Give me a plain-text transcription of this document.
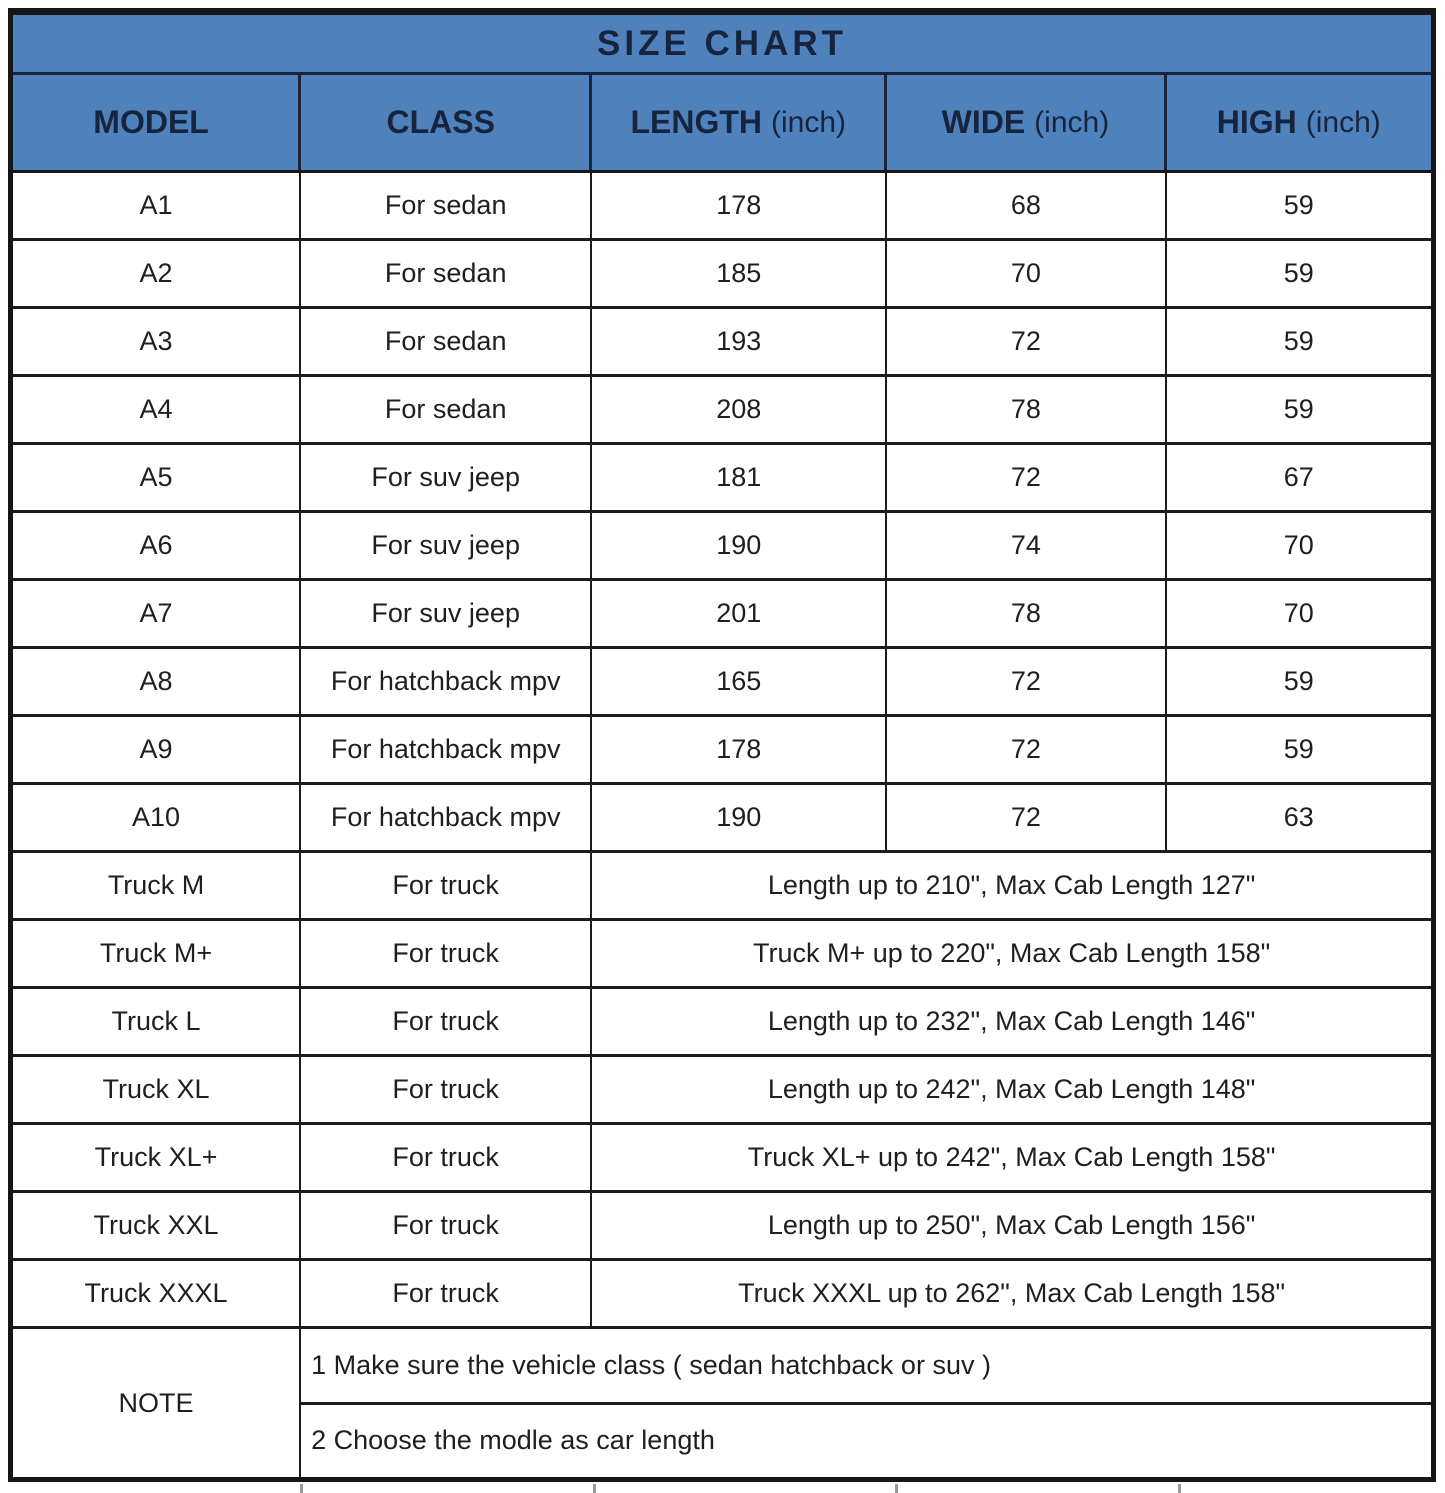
SIZE CHART
MODEL	CLASS	LENGTH (inch)	WIDE (inch)	HIGH (inch)
A1	For sedan	178	68	59
A2	For sedan	185	70	59
A3	For sedan	193	72	59
A4	For sedan	208	78	59
A5	For suv jeep	181	72	67
A6	For suv jeep	190	74	70
A7	For suv jeep	201	78	70
A8	For hatchback mpv	165	72	59
A9	For hatchback mpv	178	72	59
A10	For hatchback mpv	190	72	63
Truck M	For truck	Length up to 210", Max Cab Length 127"
Truck M+	For truck	Truck M+ up to 220", Max Cab Length 158"
Truck L	For truck	Length up to 232", Max Cab Length 146"
Truck XL	For truck	Length up to 242", Max Cab Length 148"
Truck XL+	For truck	Truck XL+ up to 242", Max Cab Length 158"
Truck XXL	For truck	Length up to 250", Max Cab Length 156"
Truck XXXL	For truck	Truck XXXL up to 262", Max Cab Length 158"
NOTE
1 Make sure the vehicle class ( sedan hatchback or suv )
2 Choose the modle as car length
